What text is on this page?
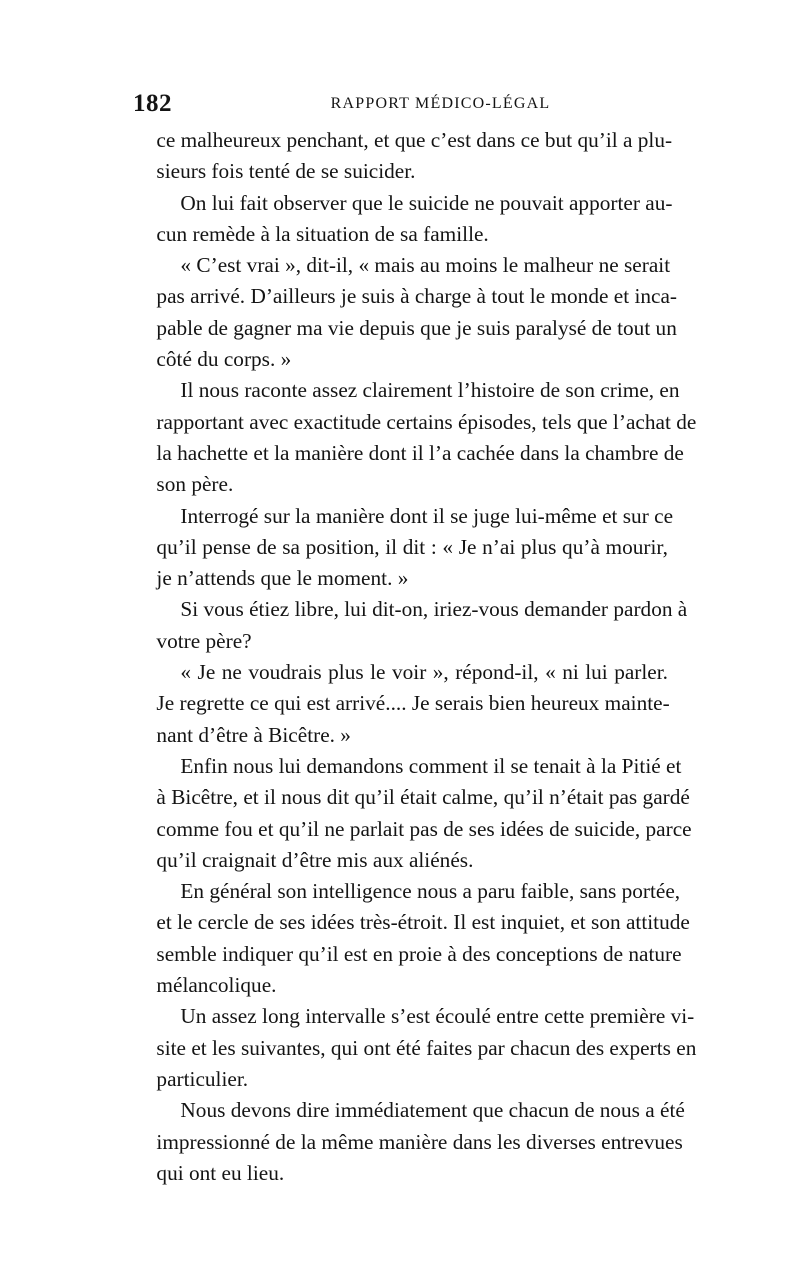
182	RAPPORT MÉDICO-LÉGAL
ce malheureux penchant, et que c’est dans ce but qu’il a plu-
sieurs fois tenté de se suicider.
On lui fait observer que le suicide ne pouvait apporter au-
cun remède à la situation de sa famille.
« C’est vrai », dit-il, « mais au moins le malheur ne serait
pas arrivé. D’ailleurs je suis à charge à tout le monde et inca-
pable de gagner ma vie depuis que je suis paralysé de tout un
côté du corps. »
Il nous raconte assez clairement l’histoire de son crime, en
rapportant avec exactitude certains épisodes, tels que l’achat de
la hachette et la manière dont il l’a cachée dans la chambre de
son père.
Interrogé sur la manière dont il se juge lui-même et sur ce
qu’il pense de sa position, il dit : « Je n’ai plus qu’à mourir,
je n’attends que le moment. »
Si vous étiez libre, lui dit-on, iriez-vous demander pardon à
votre père?
« Je ne voudrais plus le voir », répond-il, « ni lui parler.
Je regrette ce qui est arrivé.... Je serais bien heureux mainte-
nant d’être à Bicêtre. »
Enfin nous lui demandons comment il se tenait à la Pitié et
à Bicêtre, et il nous dit qu’il était calme, qu’il n’était pas gardé
comme fou et qu’il ne parlait pas de ses idées de suicide, parce
qu’il craignait d’être mis aux aliénés.
En général son intelligence nous a paru faible, sans portée,
et le cercle de ses idées très-étroit. Il est inquiet, et son attitude
semble indiquer qu’il est en proie à des conceptions de nature
mélancolique.
Un assez long intervalle s’est écoulé entre cette première vi-
site et les suivantes, qui ont été faites par chacun des experts en
particulier.
Nous devons dire immédiatement que chacun de nous a été
impressionné de la même manière dans les diverses entrevues
qui ont eu lieu.
